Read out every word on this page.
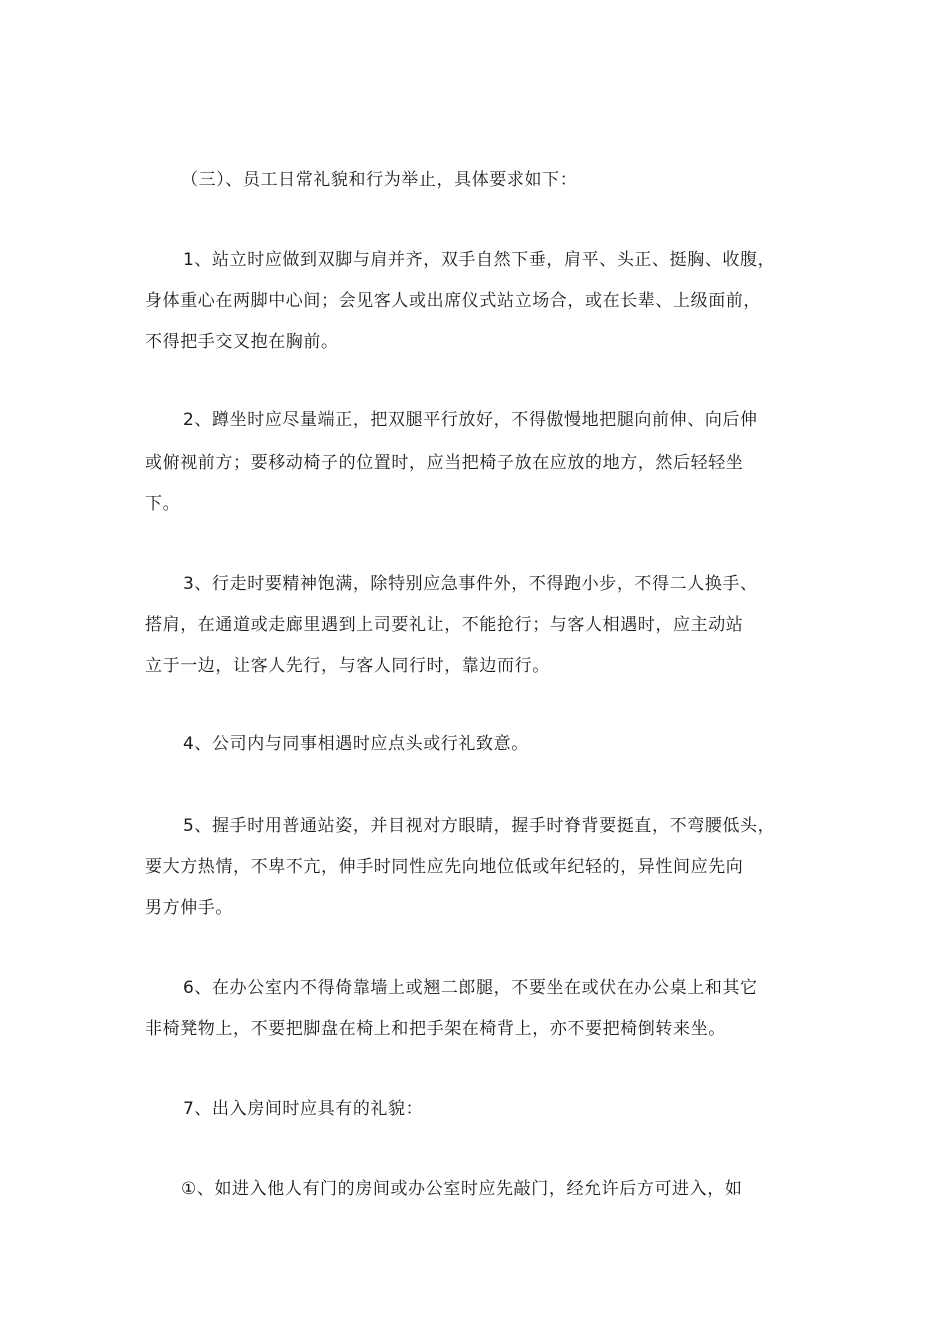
（三）、员工日常礼貌和行为举止，具体要求如下：
1、站立时应做到双脚与肩并齐，双手自然下垂，肩平、头正、挺胸、收腹，
身体重心在两脚中心间；会见客人或出席仪式站立场合，或在长辈、上级面前，
不得把手交叉抱在胸前。
2、蹲坐时应尽量端正，把双腿平行放好，不得傲慢地把腿向前伸、向后伸
或俯视前方；要移动椅子的位置时，应当把椅子放在应放的地方，然后轻轻坐
下。
3、行走时要精神饱满，除特别应急事件外，不得跑小步，不得二人换手、
搭肩，在通道或走廊里遇到上司要礼让，不能抢行；与客人相遇时，应主动站
立于一边，让客人先行，与客人同行时，靠边而行。
4、公司内与同事相遇时应点头或行礼致意。
5、握手时用普通站姿，并目视对方眼睛，握手时脊背要挺直，不弯腰低头，
要大方热情，不卑不亢，伸手时同性应先向地位低或年纪轻的，异性间应先向
男方伸手。
6、在办公室内不得倚靠墙上或翘二郎腿，不要坐在或伏在办公桌上和其它
非椅凳物上，不要把脚盘在椅上和把手架在椅背上，亦不要把椅倒转来坐。
7、出入房间时应具有的礼貌：
①、如进入他人有门的房间或办公室时应先敲门，经允许后方可进入，如
